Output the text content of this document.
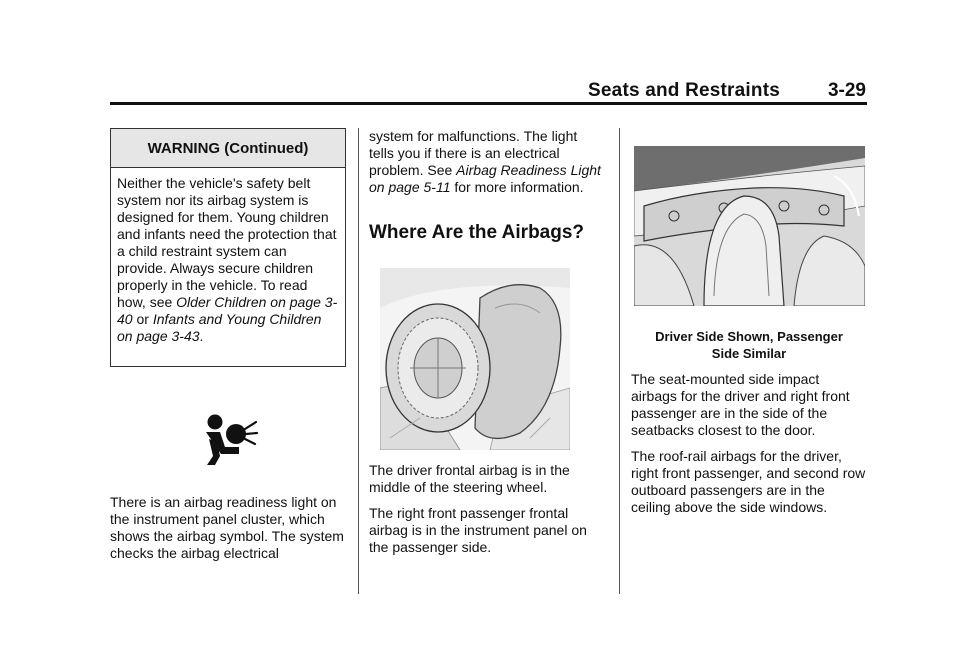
Seats and Restraints	3-29
WARNING (Continued)
Neither the vehicle's safety belt system nor its airbag system is designed for them. Young children and infants need the protection that a child restraint system can provide. Always secure children properly in the vehicle. To read how, see Older Children on page 3-40 or Infants and Young Children on page 3-43.

There is an airbag readiness light on the instrument panel cluster, which shows the airbag symbol. The system checks the airbag electrical

system for malfunctions. The light tells you if there is an electrical problem. See Airbag Readiness Light on page 5-11 for more information.

Where Are the Airbags?

The driver frontal airbag is in the middle of the steering wheel.

The right front passenger frontal airbag is in the instrument panel on the passenger side.

Driver Side Shown, Passenger
Side Similar

The seat-mounted side impact airbags for the driver and right front passenger are in the side of the seatbacks closest to the door.

The roof-rail airbags for the driver, right front passenger, and second row outboard passengers are in the ceiling above the side windows.
